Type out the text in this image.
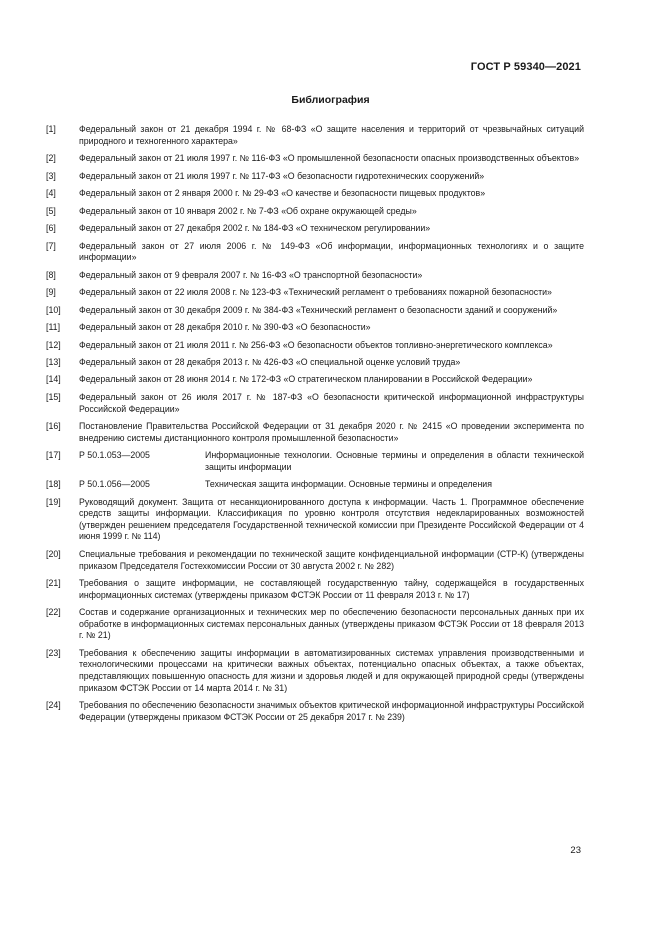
ГОСТ Р 59340—2021
Библиография
[1]	Федеральный закон от 21 декабря 1994 г. № 68-ФЗ «О защите населения и территорий от чрезвычайных ситуаций природного и техногенного характера»
[2]	Федеральный закон от 21 июля 1997 г. № 116-ФЗ «О промышленной безопасности опасных производственных объектов»
[3]	Федеральный закон от 21 июля 1997 г. № 117-ФЗ «О безопасности гидротехнических сооружений»
[4]	Федеральный закон от 2 января 2000 г. № 29-ФЗ «О качестве и безопасности пищевых продуктов»
[5]	Федеральный закон от 10 января 2002 г. № 7-ФЗ «Об охране окружающей среды»
[6]	Федеральный закон от 27 декабря 2002 г. № 184-ФЗ «О техническом регулировании»
[7]	Федеральный закон от 27 июля 2006 г. № 149-ФЗ «Об информации, информационных технологиях и о защите информации»
[8]	Федеральный закон от 9 февраля 2007 г. № 16-ФЗ «О транспортной безопасности»
[9]	Федеральный закон от 22 июля 2008 г. № 123-ФЗ «Технический регламент о требованиях пожарной безопасности»
[10]	Федеральный закон от 30 декабря 2009 г. № 384-ФЗ «Технический регламент о безопасности зданий и сооружений»
[11]	Федеральный закон от 28 декабря 2010 г. № 390-ФЗ «О безопасности»
[12]	Федеральный закон от 21 июля 2011 г. № 256-ФЗ «О безопасности объектов топливно-энергетического комплекса»
[13]	Федеральный закон от 28 декабря 2013 г. № 426-ФЗ «О специальной оценке условий труда»
[14]	Федеральный закон от 28 июня 2014 г. № 172-ФЗ «О стратегическом планировании в Российской Федерации»
[15]	Федеральный закон от 26 июля 2017 г. № 187-ФЗ «О безопасности критической информационной инфраструктуры Российской Федерации»
[16]	Постановление Правительства Российской Федерации от 31 декабря 2020 г. № 2415 «О проведении эксперимента по внедрению системы дистанционного контроля промышленной безопасности»
[17]	Р 50.1.053—2005	Информационные технологии. Основные термины и определения в области технической защиты информации
[18]	Р 50.1.056—2005	Техническая защита информации. Основные термины и определения
[19]	Руководящий документ. Защита от несанкционированного доступа к информации. Часть 1. Программное обеспечение средств защиты информации. Классификация по уровню контроля отсутствия недекларированных возможностей (утвержден решением председателя Государственной технической комиссии при Президенте Российской Федерации от 4 июня 1999 г. № 114)
[20]	Специальные требования и рекомендации по технической защите конфиденциальной информации (СТР-К) (утверждены приказом Председателя Гостехкомиссии России от 30 августа 2002 г. № 282)
[21]	Требования о защите информации, не составляющей государственную тайну, содержащейся в государственных информационных системах (утверждены приказом ФСТЭК России от 11 февраля 2013 г. № 17)
[22]	Состав и содержание организационных и технических мер по обеспечению безопасности персональных данных при их обработке в информационных системах персональных данных (утверждены приказом ФСТЭК России от 18 февраля 2013 г. № 21)
[23]	Требования к обеспечению защиты информации в автоматизированных системах управления производственными и технологическими процессами на критически важных объектах, потенциально опасных объектах, а также объектах, представляющих повышенную опасность для жизни и здоровья людей и для окружающей природной среды (утверждены приказом ФСТЭК России от 14 марта 2014 г. № 31)
[24]	Требования по обеспечению безопасности значимых объектов критической информационной инфраструктуры Российской Федерации (утверждены приказом ФСТЭК России от 25 декабря 2017 г. № 239)
23
